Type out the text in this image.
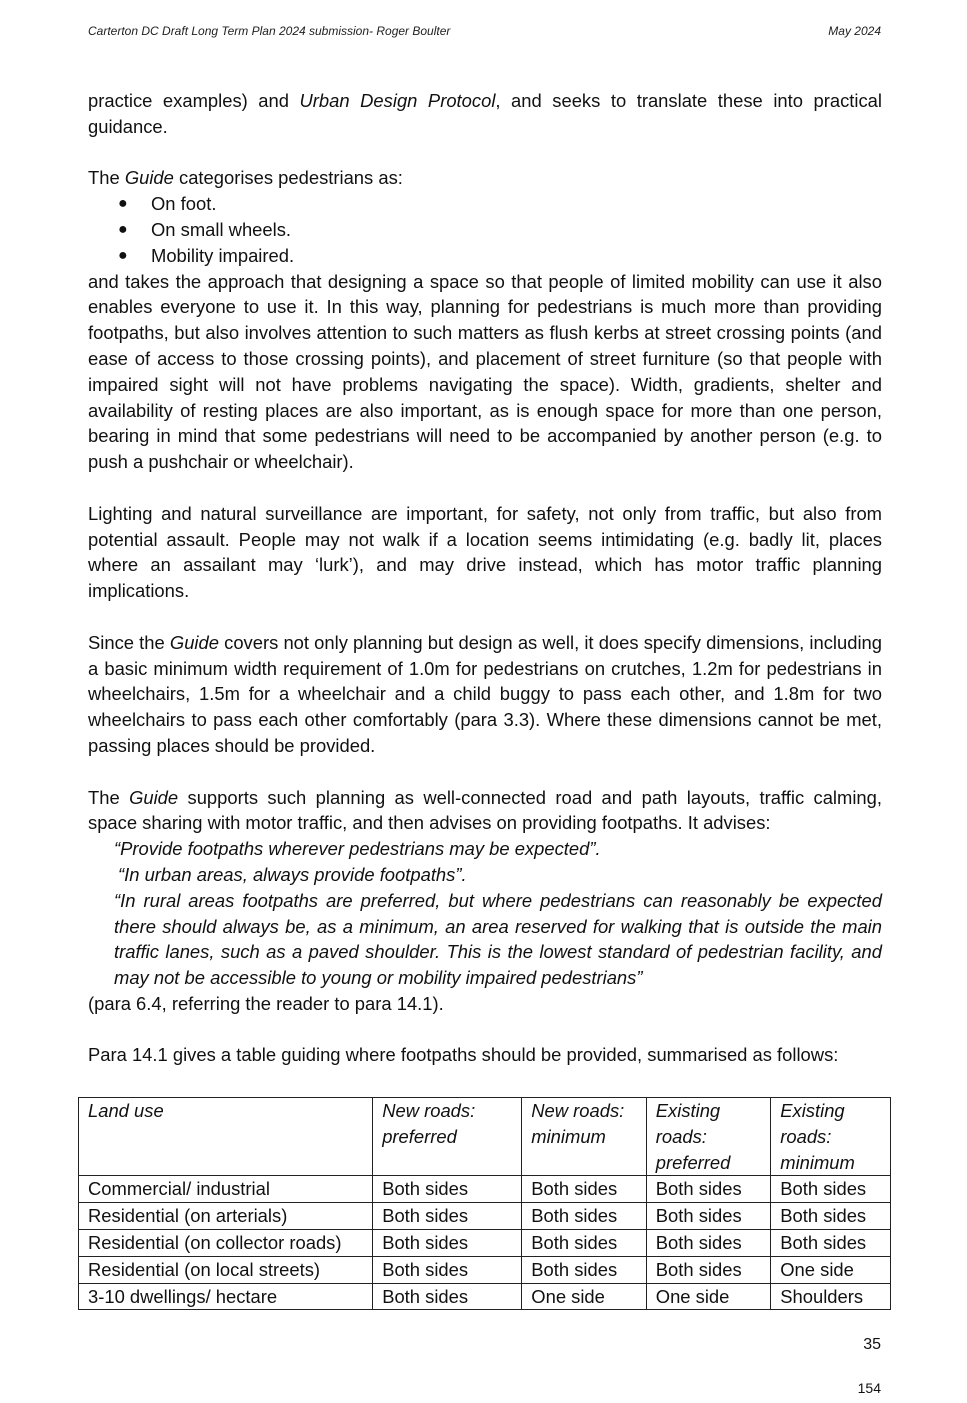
Carterton DC Draft Long Term Plan 2024 submission- Roger Boulter	May 2024

practice examples) and Urban Design Protocol, and seeks to translate these into practical guidance.

The Guide categorises pedestrians as:

● On foot.
● On small wheels.
● Mobility impaired.

and takes the approach that designing a space so that people of limited mobility can use it also enables everyone to use it. In this way, planning for pedestrians is much more than providing footpaths, but also involves attention to such matters as flush kerbs at street crossing points (and ease of access to those crossing points), and placement of street furniture (so that people with impaired sight will not have problems navigating the space). Width, gradients, shelter and availability of resting places are also important, as is enough space for more than one person, bearing in mind that some pedestrians will need to be accompanied by another person (e.g. to push a pushchair or wheelchair).

Lighting and natural surveillance are important, for safety, not only from traffic, but also from potential assault. People may not walk if a location seems intimidating (e.g. badly lit, places where an assailant may ‘lurk’), and may drive instead, which has motor traffic planning implications.

Since the Guide covers not only planning but design as well, it does specify dimensions, including a basic minimum width requirement of 1.0m for pedestrians on crutches, 1.2m for pedestrians in wheelchairs, 1.5m for a wheelchair and a child buggy to pass each other, and 1.8m for two wheelchairs to pass each other comfortably (para 3.3). Where these dimensions cannot be met, passing places should be provided.

The Guide supports such planning as well-connected road and path layouts, traffic calming, space sharing with motor traffic, and then advises on providing footpaths. It advises:

“Provide footpaths wherever pedestrians may be expected”.

“In urban areas, always provide footpaths”.

“In rural areas footpaths are preferred, but where pedestrians can reasonably be expected there should always be, as a minimum, an area reserved for walking that is outside the main traffic lanes, such as a paved shoulder. This is the lowest standard of pedestrian facility, and may not be accessible to young or mobility impaired pedestrians”

(para 6.4, referring the reader to para 14.1).

Para 14.1 gives a table guiding where footpaths should be provided, summarised as follows:

Land use	New roads: preferred	New roads: minimum	Existing roads: preferred	Existing roads: minimum
Commercial/ industrial	Both sides	Both sides	Both sides	Both sides
Residential (on arterials)	Both sides	Both sides	Both sides	Both sides
Residential (on collector roads)	Both sides	Both sides	Both sides	Both sides
Residential (on local streets)	Both sides	Both sides	Both sides	One side
3-10 dwellings/ hectare	Both sides	One side	One side	Shoulders
35
154
